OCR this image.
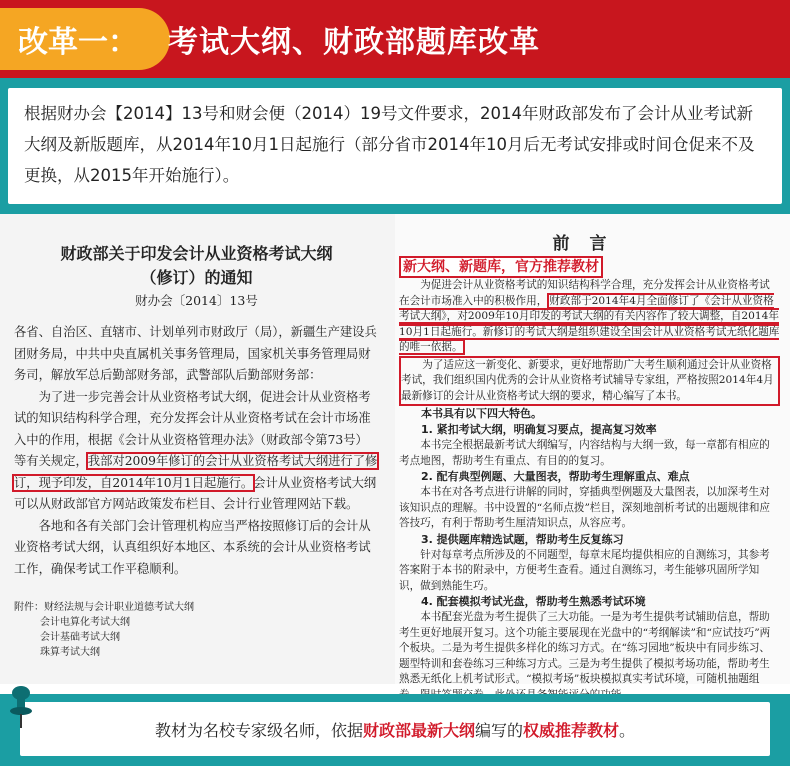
改革一：	考试大纲、财政部题库改革
根据财办会【2014】13号和财会便（2014）19号文件要求，2014年财政部发布了会计从业考试新大纲及新版题库，从2014年10月1日起施行（部分省市2014年10月后无考试安排或时间仓促来不及更换，从2015年开始施行）。
财政部关于印发会计从业资格考试大纲
（修订）的通知
财办会〔2014〕13号

各省、自治区、直辖市、计划单列市财政厅（局），新疆生产建设兵团财务局，中共中央直属机关事务管理局，国家机关事务管理局财务司，解放军总后勤部财务部，武警部队后勤部财务部：

为了进一步完善会计从业资格考试大纲，促进会计从业资格考试的知识结构科学合理，充分发挥会计从业资格考试在会计市场准入中的作用，根据《会计从业资格管理办法》（财政部令第73号）等有关规定，我部对2009年修订的会计从业资格考试大纲进行了修订，现予印发，自2014年10月1日起施行。会计从业资格考试大纲可以从财政部官方网站政策发布栏目、会计行业管理网站下载。

各地和各有关部门会计管理机构应当严格按照修订后的会计从业资格考试大纲，认真组织好本地区、本系统的会计从业资格考试工作，确保考试工作平稳顺利。

附件：财经法规与会计职业道德考试大纲
会计电算化考试大纲
会计基础考试大纲
珠算考试大纲
前言
新大纲、新题库，官方推荐教材

为促进会计从业资格考试的知识结构科学合理，充分发挥会计从业资格考试在会计市场准入中的积极作用， 财政部于2014年4月全面修订了《会计从业资格考试大纲》，对2009年10月印发的考试大纲的有关内容作了较大调整，自2014年10月1日起施行。新修订的考试大纲是组织建设全国会计从业资格考试无纸化题库的唯一依据。

为了适应这一新变化、新要求，更好地帮助广大考生顺利通过会计从业资格考试，我们组织国内优秀的会计从业资格考试辅导专家组，严格按照2014年4月最新修订的会计从业资格考试大纲的要求，精心编写了本书。

本书具有以下四大特色。
1. 紧扣考试大纲，明确复习要点，提高复习效率

本书完全根据最新考试大纲编写，内容结构与大纲一致，每一章都有相应的考点地图，帮助考生有重点、有目的的复习。

2. 配有典型例题、大量图表，帮助考生理解重点、难点

本书在对各考点进行讲解的同时，穿插典型例题及大量图表，以加深考生对该知识点的理解。书中设置的“名师点拨”栏目，深刻地剖析考试的出题规律和应答技巧，有利于帮助考生厘清知识点，从容应考。

3. 提供题库精选试题，帮助考生反复练习

针对每章考点所涉及的不同题型，每章末尾均提供相应的自测练习，其参考答案附于本书的附录中，方便考生查看。通过自测练习，考生能够巩固所学知识，做到熟能生巧。

4. 配套模拟考试光盘，帮助考生熟悉考试环境

本书配套光盘为考生提供了三大功能。一是为考生提供考试辅助信息，帮助考生更好地展开复习。这个功能主要展现在光盘中的“考纲解读”和“应试技巧”两个板块。二是为考生提供多样化的练习方式。在“练习园地”板块中有同步练习、题型特训和套卷练习三种练习方式。三是为考生提供了模拟考场功能，帮助考生熟悉无纸化上机考试形式。“模拟考场”板块模拟真实考试环境，可随机抽题组

教材为名校专家级名师，依据 财政部最新大纲 编写的 权威推荐教材 。
